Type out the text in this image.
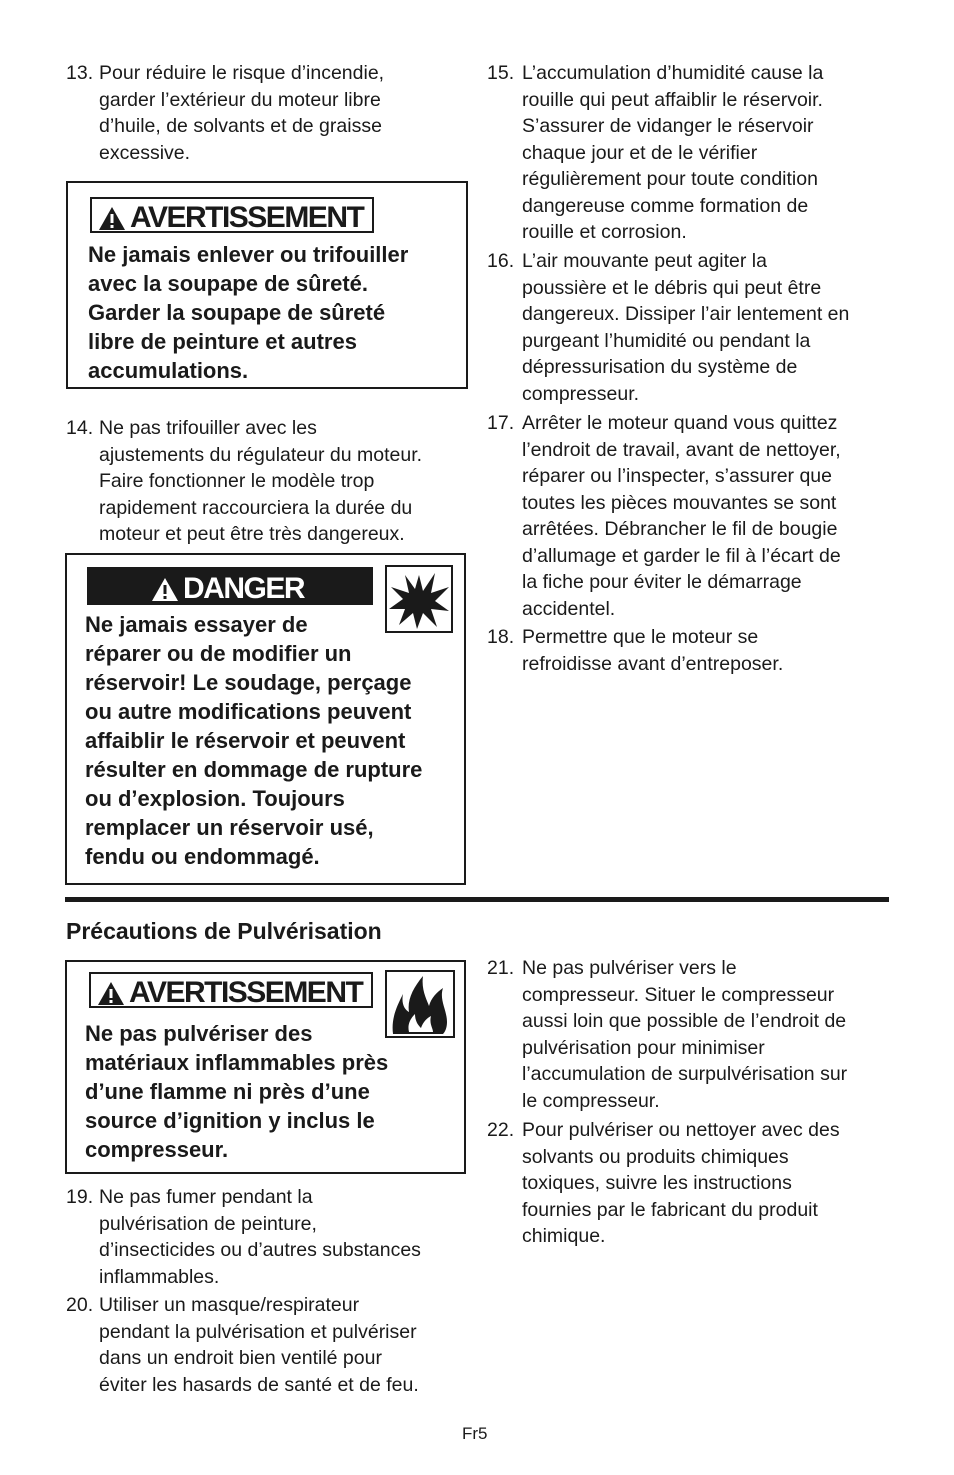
13. Pour réduire le risque d’incendie,
garder l’extérieur du moteur libre
d’huile, de solvants et de graisse
excessive.
AVERTISSEMENT
Ne jamais enlever ou trifouiller
avec la soupape de sûreté.
Garder la soupape de sûreté
libre de peinture et autres
accumulations.
14. Ne pas trifouiller avec les
ajustements du régulateur du moteur.
Faire fonctionner le modèle trop
rapidement raccourciera la durée du
moteur et peut être très dangereux.
DANGER
Ne jamais essayer de
réparer ou de modifier un
réservoir! Le soudage, perçage
ou autre modifications peuvent
affaiblir le réservoir et peuvent
résulter en dommage de rupture
ou d’explosion. Toujours
remplacer un réservoir usé,
fendu ou endommagé.
15. L’accumulation d’humidité cause la
rouille qui peut affaiblir le réservoir.
S’assurer de vidanger le réservoir
chaque jour et de le vérifier
régulièrement pour toute condition
dangereuse comme formation de
rouille et corrosion.
16. L’air mouvante peut agiter la
poussière et le débris qui peut être
dangereux. Dissiper l’air lentement en
purgeant l’humidité ou pendant la
dépressurisation du système de
compresseur.
17. Arrêter le moteur quand vous quittez
l’endroit de travail, avant de nettoyer,
réparer ou l’inspecter, s’assurer que
toutes les pièces mouvantes se sont
arrêtées. Débrancher le fil de bougie
d’allumage et garder le fil à l’écart de
la fiche pour éviter le démarrage
accidentel.
18. Permettre que le moteur se
refroidisse avant d’entreposer.
Précautions de Pulvérisation
AVERTISSEMENT
Ne pas pulvériser des
matériaux inflammables près
d’une flamme ni près d’une
source d’ignition y inclus le
compresseur.
19. Ne pas fumer pendant la
pulvérisation de peinture,
d’insecticides ou d’autres substances
inflammables.
20. Utiliser un masque/respirateur
pendant la pulvérisation et pulvériser
dans un endroit bien ventilé pour
éviter les hasards de santé et de feu.
21. Ne pas pulvériser vers le
compresseur. Situer le compresseur
aussi loin que possible de l’endroit de
pulvérisation pour minimiser
l’accumulation de surpulvérisation sur
le compresseur.
22. Pour pulvériser ou nettoyer avec des
solvants ou produits chimiques
toxiques, suivre les instructions
fournies par le fabricant du produit
chimique.
Fr5
